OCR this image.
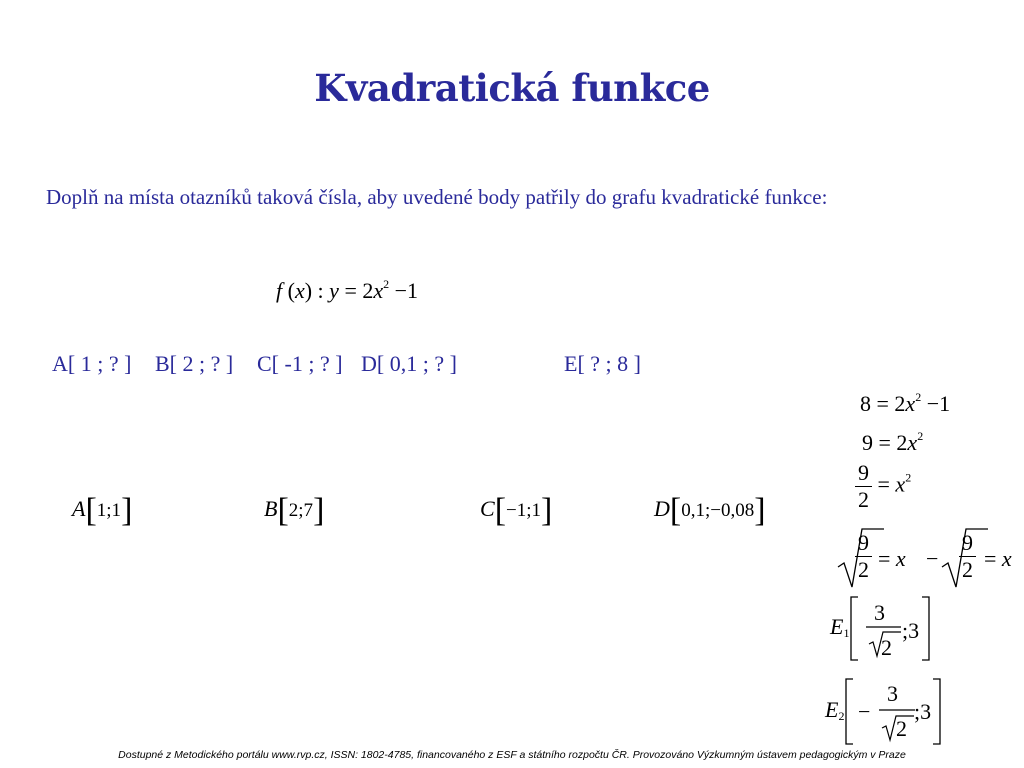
Kvadratická funkce
Doplň na místa otazníků taková čísla, aby uvedené body patřily do grafu kvadratické funkce:
f (x) : $y = 2x^2 -1$
A[ 1 ; ? ] B[ 2 ; ? ] C[ -1 ; ? ] D[ 0,1 ; ? ]	E[ ? ; 8 ]
A[1;1]	B[2;7]	C[−1;1]	D[0,1;−0,08]
$8 = 2x^2 -1$
$9 = 2x^2$
$\frac{9}{2} = x^2$
$\frac{9}{2} = x - \frac{9}{2} = x$
$E_1$
3
2
;3
$E_2$ −
3
2
;3
Dostupné z Metodického portálu www.rvp.cz, ISSN: 1802-4785, financovaného z ESF a státního rozpočtu ČR. Provozováno Výzkumným ústavem pedagogickým v Praze
